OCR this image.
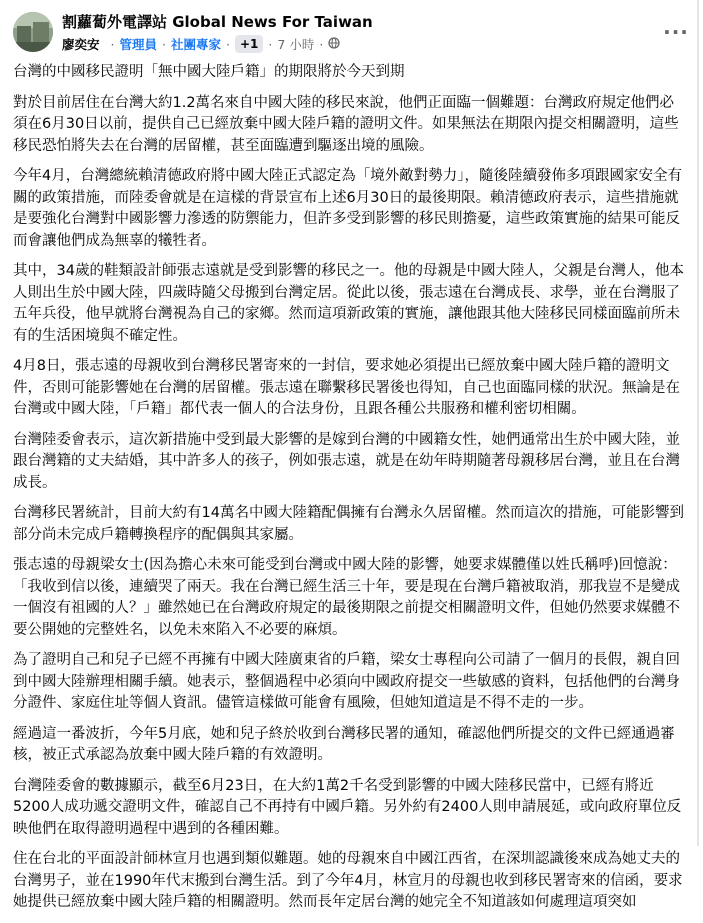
割蘿蔔外電譯站 Global News For Taiwan
廖奕安 · 管理員 · 社團專家 · +1 · 7 小時 ·	···

台灣的中國移民證明「無中國大陸戶籍」的期限將於今天到期

對於目前居住在台灣大約1.2萬名來自中國大陸的移民來說，他們正面臨一個難題：台灣政府規定他們必須在6月30日以前，提供自己已經放棄中國大陸戶籍的證明文件。如果無法在期限內提交相關證明，這些移民恐怕將失去在台灣的居留權，甚至面臨遭到驅逐出境的風險。

今年4月，台灣總統賴清德政府將中國大陸正式認定為「境外敵對勢力」，隨後陸續發佈多項跟國家安全有關的政策措施，而陸委會就是在這樣的背景宣布上述6月30日的最後期限。賴清德政府表示，這些措施就是要強化台灣對中國影響力滲透的防禦能力，但許多受到影響的移民則擔憂，這些政策實施的結果可能反而會讓他們成為無辜的犧牲者。

其中，34歲的鞋類設計師張志遠就是受到影響的移民之一。他的母親是中國大陸人，父親是台灣人，他本人則出生於中國大陸，四歲時隨父母搬到台灣定居。從此以後，張志遠在台灣成長、求學，並在台灣服了五年兵役，他早就將台灣視為自己的家鄉。然而這項新政策的實施，讓他跟其他大陸移民同樣面臨前所未有的生活困境與不確定性。

4月8日，張志遠的母親收到台灣移民署寄來的一封信，要求她必須提出已經放棄中國大陸戶籍的證明文件，否則可能影響她在台灣的居留權。張志遠在聯繫移民署後也得知，自己也面臨同樣的狀況。無論是在台灣或中國大陸，「戶籍」都代表一個人的合法身份，且跟各種公共服務和權利密切相關。

台灣陸委會表示，這次新措施中受到最大影響的是嫁到台灣的中國籍女性，她們通常出生於中國大陸，並跟台灣籍的丈夫結婚，其中許多人的孩子，例如張志遠，就是在幼年時期隨著母親移居台灣，並且在台灣成長。

台灣移民署統計，目前大約有14萬名中國大陸籍配偶擁有台灣永久居留權。然而這次的措施，可能影響到部分尚未完成戶籍轉換程序的配偶與其家屬。

張志遠的母親梁女士(因為擔心未來可能受到台灣或中國大陸的影響，她要求媒體僅以姓氏稱呼)回憶說：「我收到信以後，連續哭了兩天。我在台灣已經生活三十年，要是現在台灣戶籍被取消，那我豈不是變成一個沒有祖國的人？」雖然她已在台灣政府規定的最後期限之前提交相關證明文件，但她仍然要求媒體不要公開她的完整姓名，以免未來陷入不必要的麻煩。

為了證明自己和兒子已經不再擁有中國大陸廣東省的戶籍，梁女士專程向公司請了一個月的長假，親自回到中國大陸辦理相關手續。她表示，整個過程中必須向中國政府提交一些敏感的資料，包括他們的台灣身分證件、家庭住址等個人資訊。儘管這樣做可能會有風險，但她知道這是不得不走的一步。

經過這一番波折，今年5月底，她和兒子終於收到台灣移民署的通知，確認他們所提交的文件已經通過審核，被正式承認為放棄中國大陸戶籍的有效證明。

台灣陸委會的數據顯示，截至6月23日，在大約1萬2千名受到影響的中國大陸移民當中，已經有將近5200人成功遞交證明文件，確認自己不再持有中國戶籍。另外約有2400人則申請展延，或向政府單位反映他們在取得證明過程中遇到的各種困難。

住在台北的平面設計師林宣月也遇到類似難題。她的母親來自中國江西省，在深圳認識後來成為她丈夫的台灣男子，並在1990年代末搬到台灣生活。到了今年4月，林宣月的母親也收到移民署寄來的信函，要求她提供已經放棄中國大陸戶籍的相關證明。然而長年定居台灣的她完全不知道該如何處理這項突如
